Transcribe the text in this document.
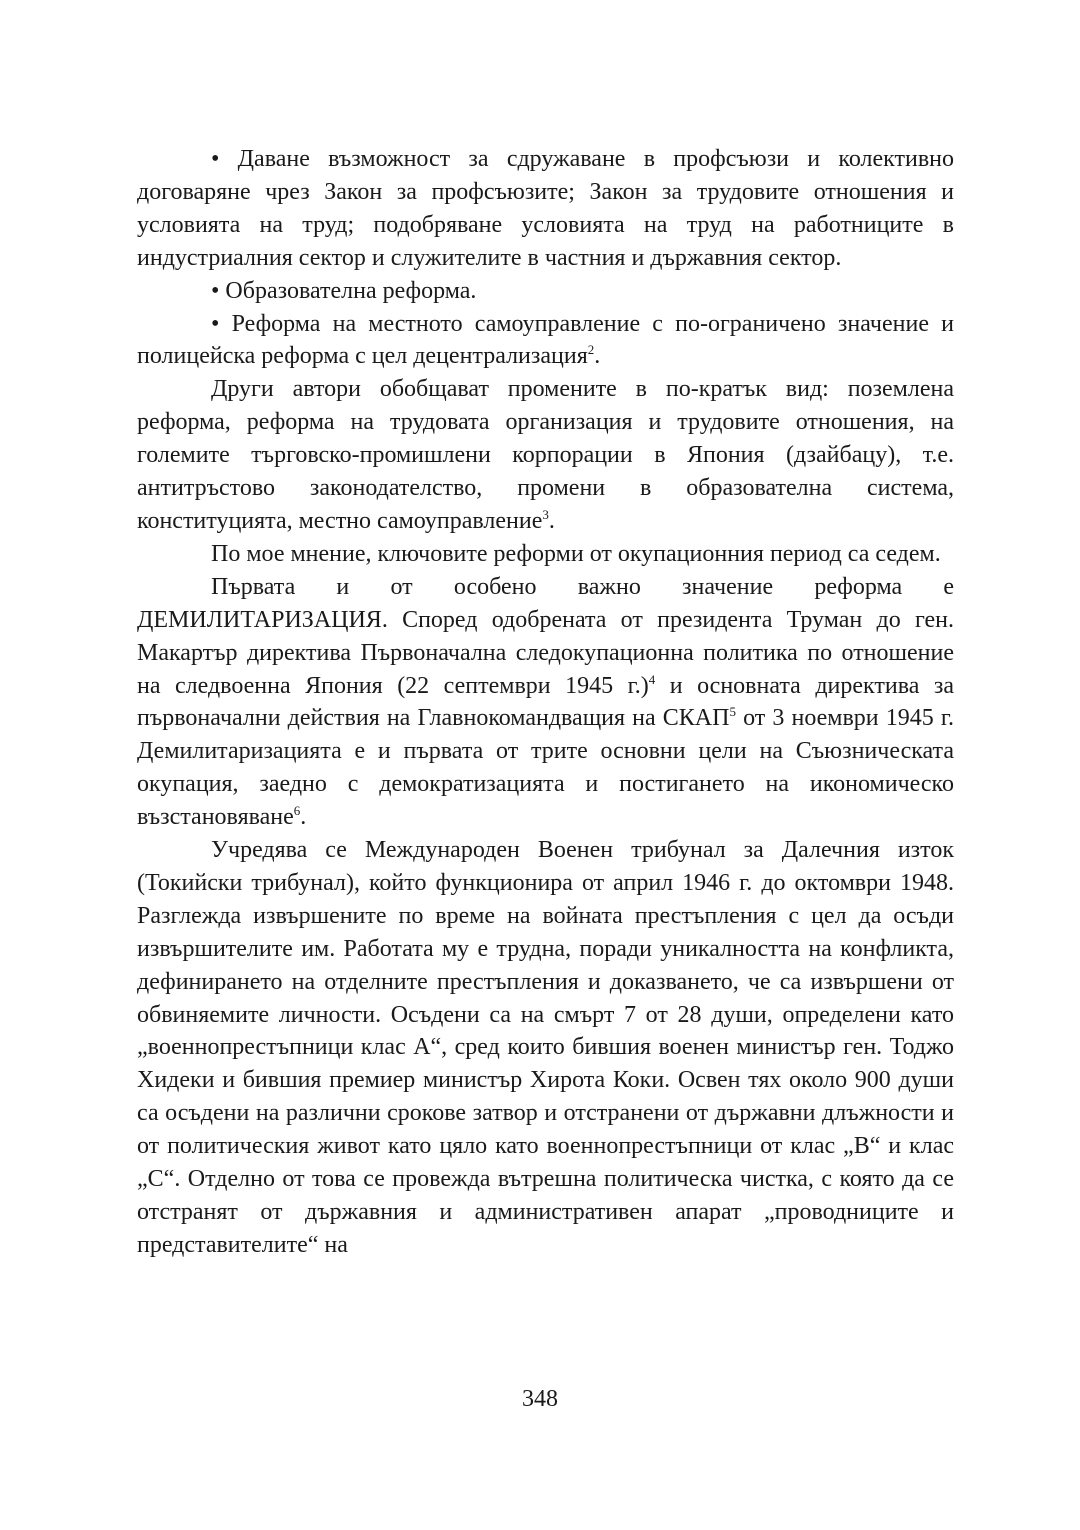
• Даване възможност за сдружаване в профсъюзи и колективно договаряне чрез Закон за профсъюзите; Закон за трудовите отношения и условията на труд; подобряване условията на труд на работниците в индустриалния сектор и служителите в частния и държавния сектор.

• Образователна реформа.

• Реформа на местното самоуправление с по-ограничено значение и полицейска реформа с цел децентрализация$^2$.

Други автори обобщават промените в по-кратък вид: поземлена реформа, реформа на трудовата организация и трудовите отношения, на големите търговско-промишлени корпорации в Япония (дзайбацу), т.е. антитръстово законодателство, промени в образователна система, конституцията, местно самоуправление$^3$.

По мое мнение, ключовите реформи от окупационния период са седем.

Първата и от особено важно значение реформа е ДЕМИЛИТАРИЗАЦИЯ. Според одобрената от президента Труман до ген. Макартър директива Първоначална следокупационна политика по отношение на следвоенна Япония (22 септември 1945 г.)$^4$ и основната директива за първоначални действия на Главнокомандващия на СКАП$^5$ от 3 ноември 1945 г. Демилитаризацията е и първата от трите основни цели на Съюзническата окупация, заедно с демократизацията и постигането на икономическо възстановяване$^6$.

Учредява се Международен Военен трибунал за Далечния изток (Токийски трибунал), който функционира от април 1946 г. до октомври 1948. Разглежда извършените по време на войната престъпления с цел да осъди извършителите им. Работата му е трудна, поради уникалността на конфликта, дефинирането на отделните престъпления и доказването, че са извършени от обвиняемите личности. Осъдени са на смърт 7 от 28 души, определени като „военнопрестъпници клас А“, сред които бившия военен министър ген. Тоджо Хидеки и бившия премиер министър Хирота Коки. Освен тях около 900 души са осъдени на различни срокове затвор и отстранени от държавни длъжности и от политическия живот като цяло като военнопрестъпници от клас „В“ и клас „С“. Отделно от това се провежда вътрешна политическа чистка, с която да се отстранят от държавния и административен апарат „проводниците и представителите“ на

348
